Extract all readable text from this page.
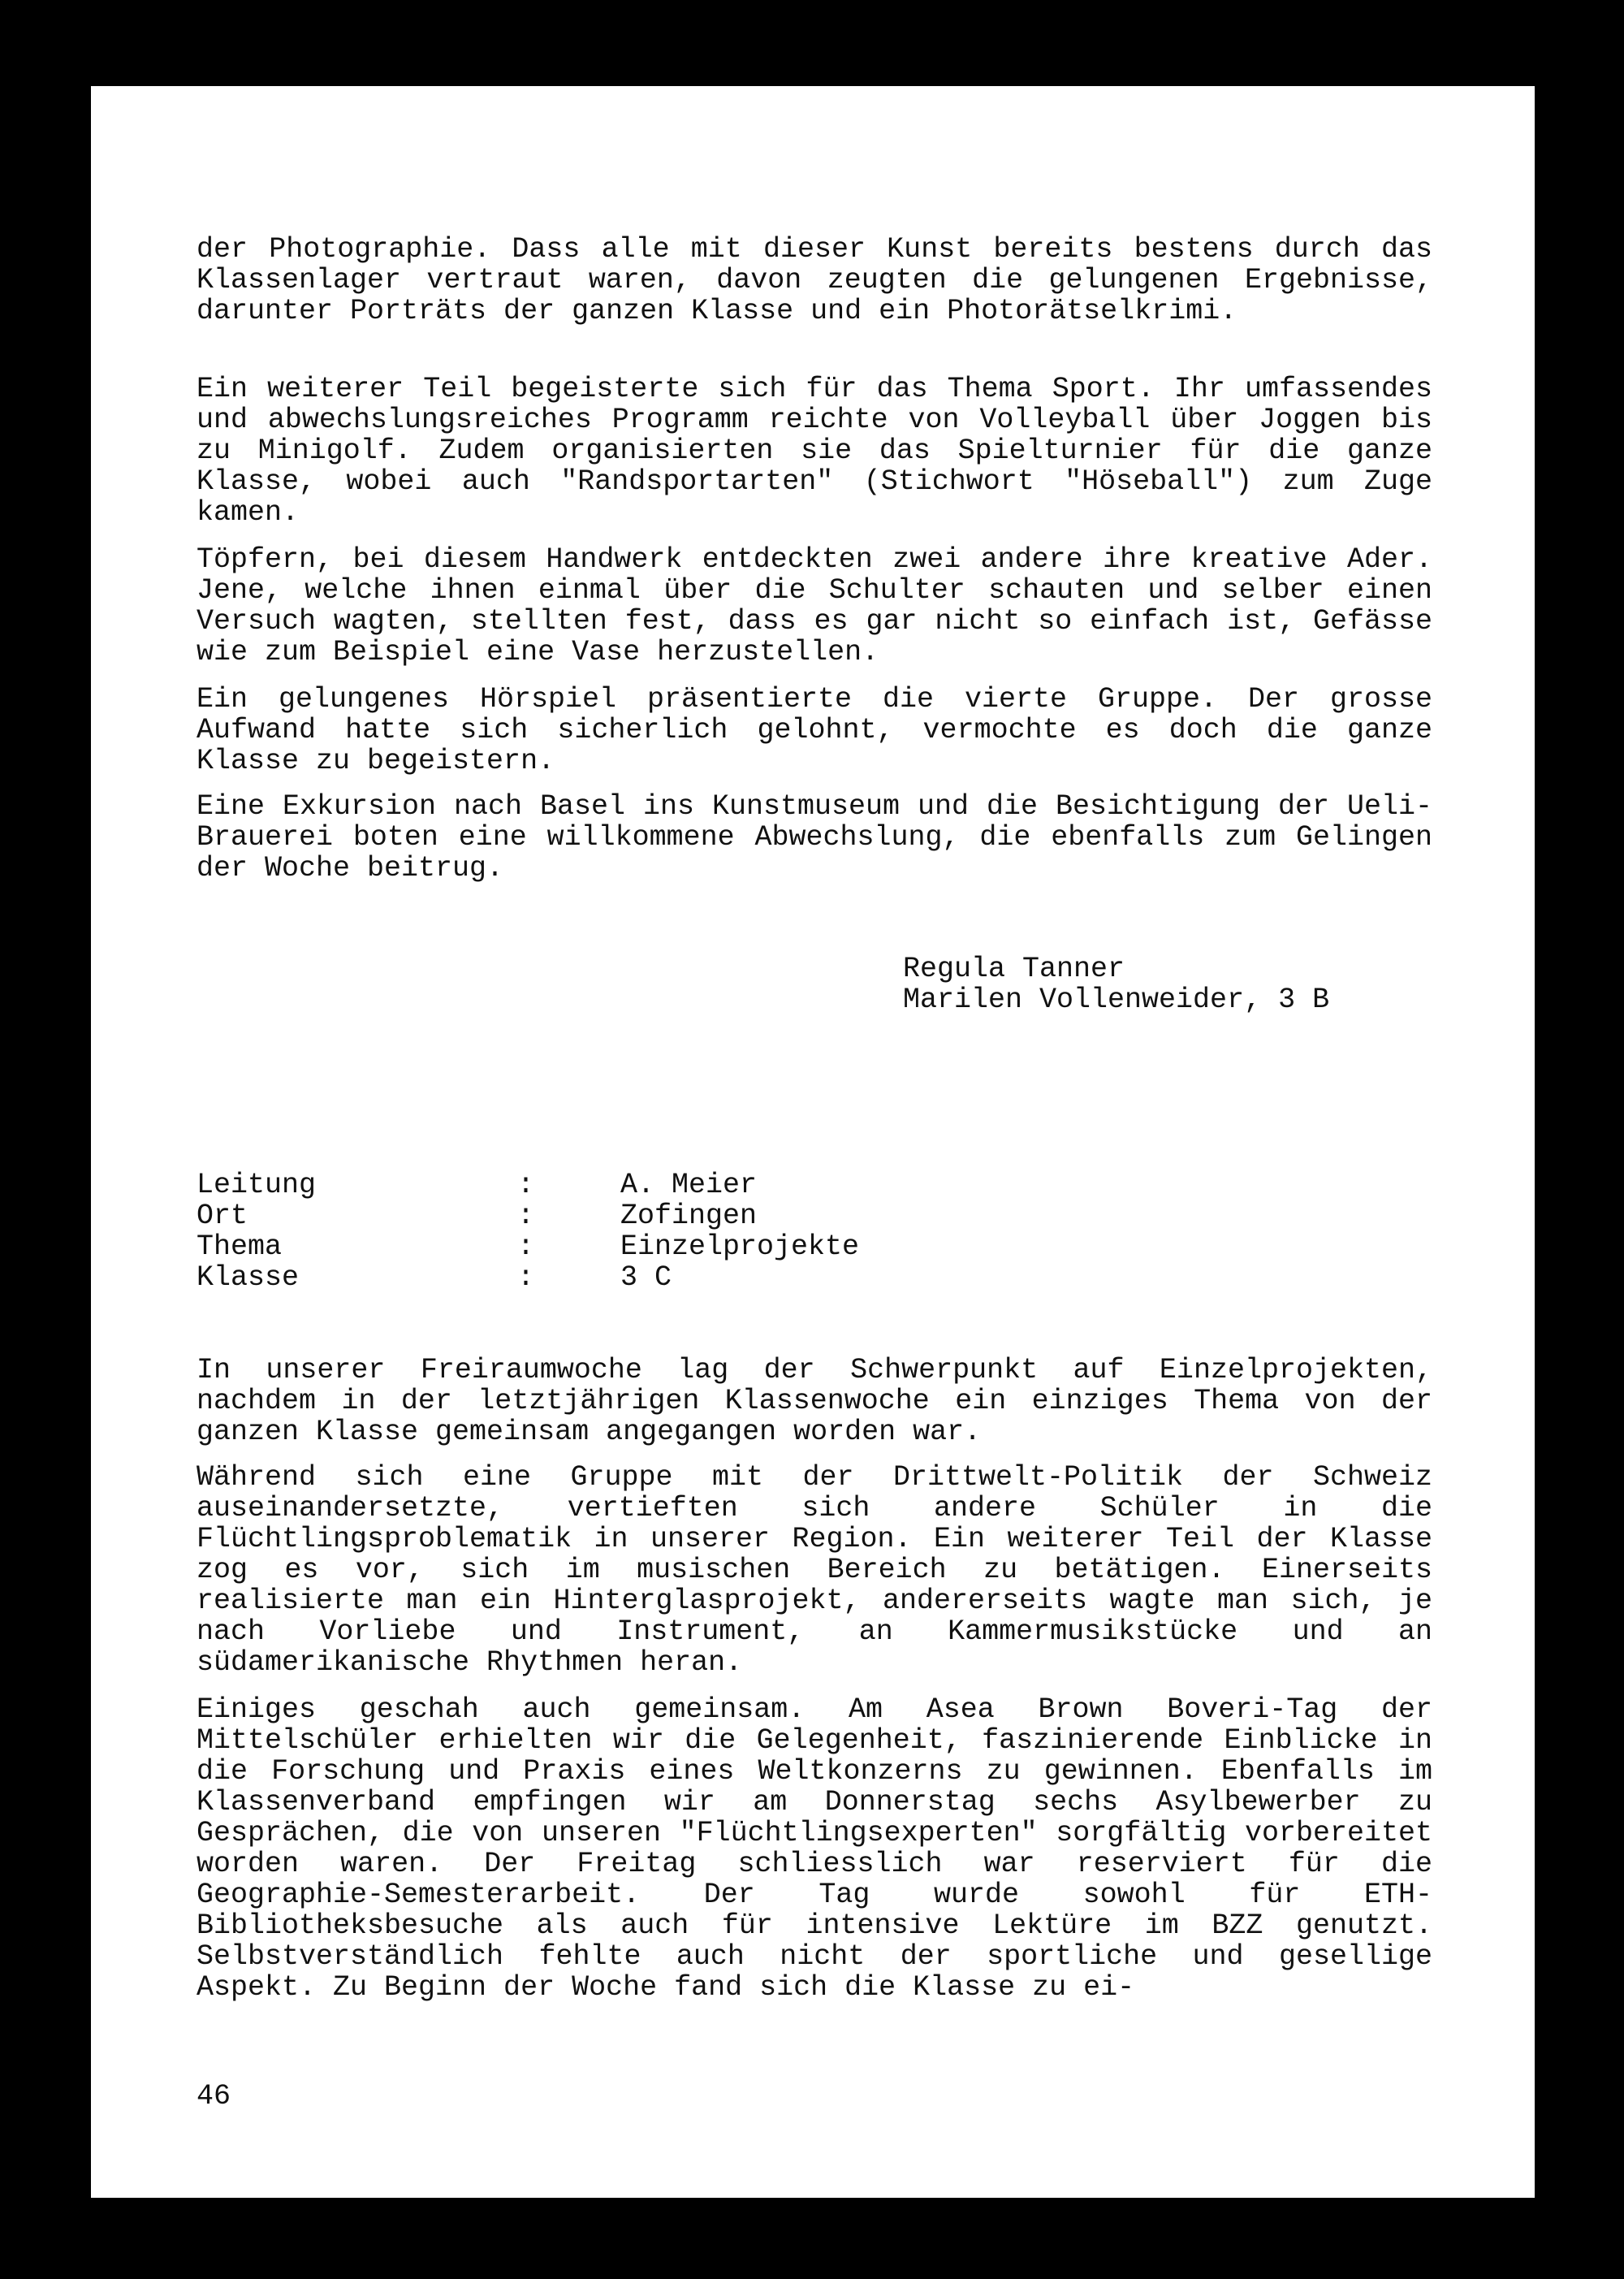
der Photographie. Dass alle mit dieser Kunst bereits bestens durch das Klassenlager vertraut waren, davon zeugten die gelungenen Ergebnisse, darunter Porträts der ganzen Klasse und ein Photorätselkrimi.

Ein weiterer Teil begeisterte sich für das Thema Sport. Ihr umfassendes und abwechslungsreiches Programm reichte von Volleyball über Joggen bis zu Minigolf. Zudem organisierten sie das Spielturnier für die ganze Klasse, wobei auch "Randsportarten" (Stichwort "Höseball") zum Zuge kamen.

Töpfern, bei diesem Handwerk entdeckten zwei andere ihre kreative Ader. Jene, welche ihnen einmal über die Schulter schauten und selber einen Versuch wagten, stellten fest, dass es gar nicht so einfach ist, Gefässe wie zum Beispiel eine Vase herzustellen.

Ein gelungenes Hörspiel präsentierte die vierte Gruppe. Der grosse Aufwand hatte sich sicherlich gelohnt, vermochte es doch die ganze Klasse zu begeistern.

Eine Exkursion nach Basel ins Kunstmuseum und die Besichtigung der Ueli-Brauerei boten eine willkommene Abwechslung, die ebenfalls zum Gelingen der Woche beitrug.

Regula Tanner
Marilen Vollenweider, 3 B
Leitung	:	A. Meier
Ort	:	Zofingen
Thema	:	Einzelprojekte
Klasse	:	3 C

In unserer Freiraumwoche lag der Schwerpunkt auf Einzelprojekten, nachdem in der letztjährigen Klassenwoche ein einziges Thema von der ganzen Klasse gemeinsam angegangen worden war.

Während sich eine Gruppe mit der Drittwelt-Politik der Schweiz auseinandersetzte, vertieften sich andere Schüler in die Flüchtlingsproblematik in unserer Region. Ein weiterer Teil der Klasse zog es vor, sich im musischen Bereich zu betätigen. Einerseits realisierte man ein Hinterglasprojekt, andererseits wagte man sich, je nach Vorliebe und Instrument, an Kammermusikstücke und an südamerikanische Rhythmen heran.

Einiges geschah auch gemeinsam. Am Asea Brown Boveri-Tag der Mittelschüler erhielten wir die Gelegenheit, faszinierende Einblicke in die Forschung und Praxis eines Weltkonzerns zu gewinnen. Ebenfalls im Klassenverband empfingen wir am Donnerstag sechs Asylbewerber zu Gesprächen, die von unseren "Flüchtlingsexperten" sorgfältig vorbereitet worden waren. Der Freitag schliesslich war reserviert für die Geographie-Semesterarbeit. Der Tag wurde sowohl für ETH-Bibliotheksbesuche als auch für intensive Lektüre im BZZ genutzt. Selbstverständlich fehlte auch nicht der sportliche und gesellige Aspekt. Zu Beginn der Woche fand sich die Klasse zu ei-

46
